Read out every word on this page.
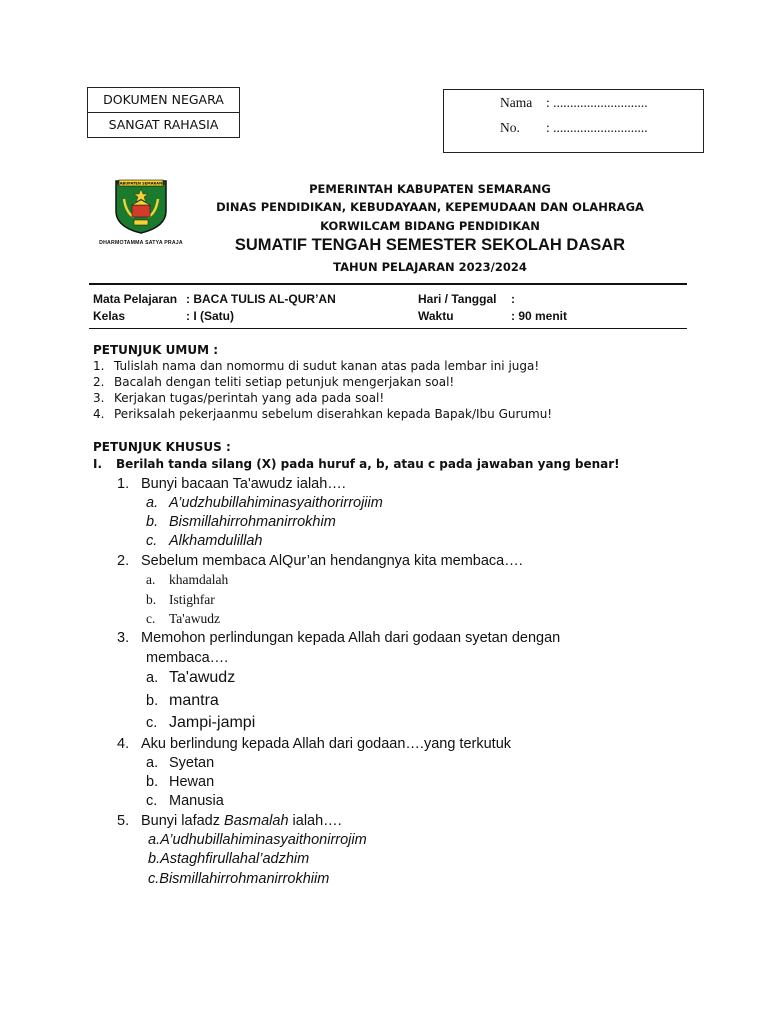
DOKUMEN NEGARA
SANGAT RAHASIA
Nama : ............................
No. : ............................
KABUPATEN SEMARANG
DHARMOTAMMA SATYA PRAJA
PEMERINTAH KABUPATEN SEMARANG
DINAS PENDIDIKAN, KEBUDAYAAN, KEPEMUDAAN DAN OLAHRAGA
KORWILCAM BIDANG PENDIDIKAN
SUMATIF TENGAH SEMESTER SEKOLAH DASAR
TAHUN PELAJARAN 2023/2024
Mata Pelajaran : BACA TULIS AL-QUR’AN
Kelas	: I (Satu)
Hari / Tanggal :
Waktu	: 90 menit
PETUNJUK UMUM :
1. Tulislah nama dan nomormu di sudut kanan atas pada lembar ini juga!
2. Bacalah dengan teliti setiap petunjuk mengerjakan soal!
3. Kerjakan tugas/perintah yang ada pada soal!
4. Periksalah pekerjaanmu sebelum diserahkan kepada Bapak/Ibu Gurumu!
PETUNJUK KHUSUS :
I. Berilah tanda silang (X) pada huruf a, b, atau c pada jawaban yang benar!
1. Bunyi bacaan Ta'awudz ialah….
a. A’udzhubillahiminasyaithorirrojiim
b. Bismillahirrohmanirrokhim
c. Alkhamdulillah
2. Sebelum membaca AlQur’an hendangnya kita membaca….
a. khamdalah
b. Istighfar
c. Ta'awudz
3. Memohon perlindungan kepada Allah dari godaan syetan dengan
membaca….
a. Ta'awudz
b. mantra
c. Jampi-jampi
4. Aku berlindung kepada Allah dari godaan….yang terkutuk
a. Syetan
b. Hewan
c. Manusia
5. Bunyi lafadz Basmalah ialah….
a.A’udhubillahiminasyaithonirrojim
b.Astaghfirullahal’adzhim
c.Bismillahirrohmanirrokhiim
